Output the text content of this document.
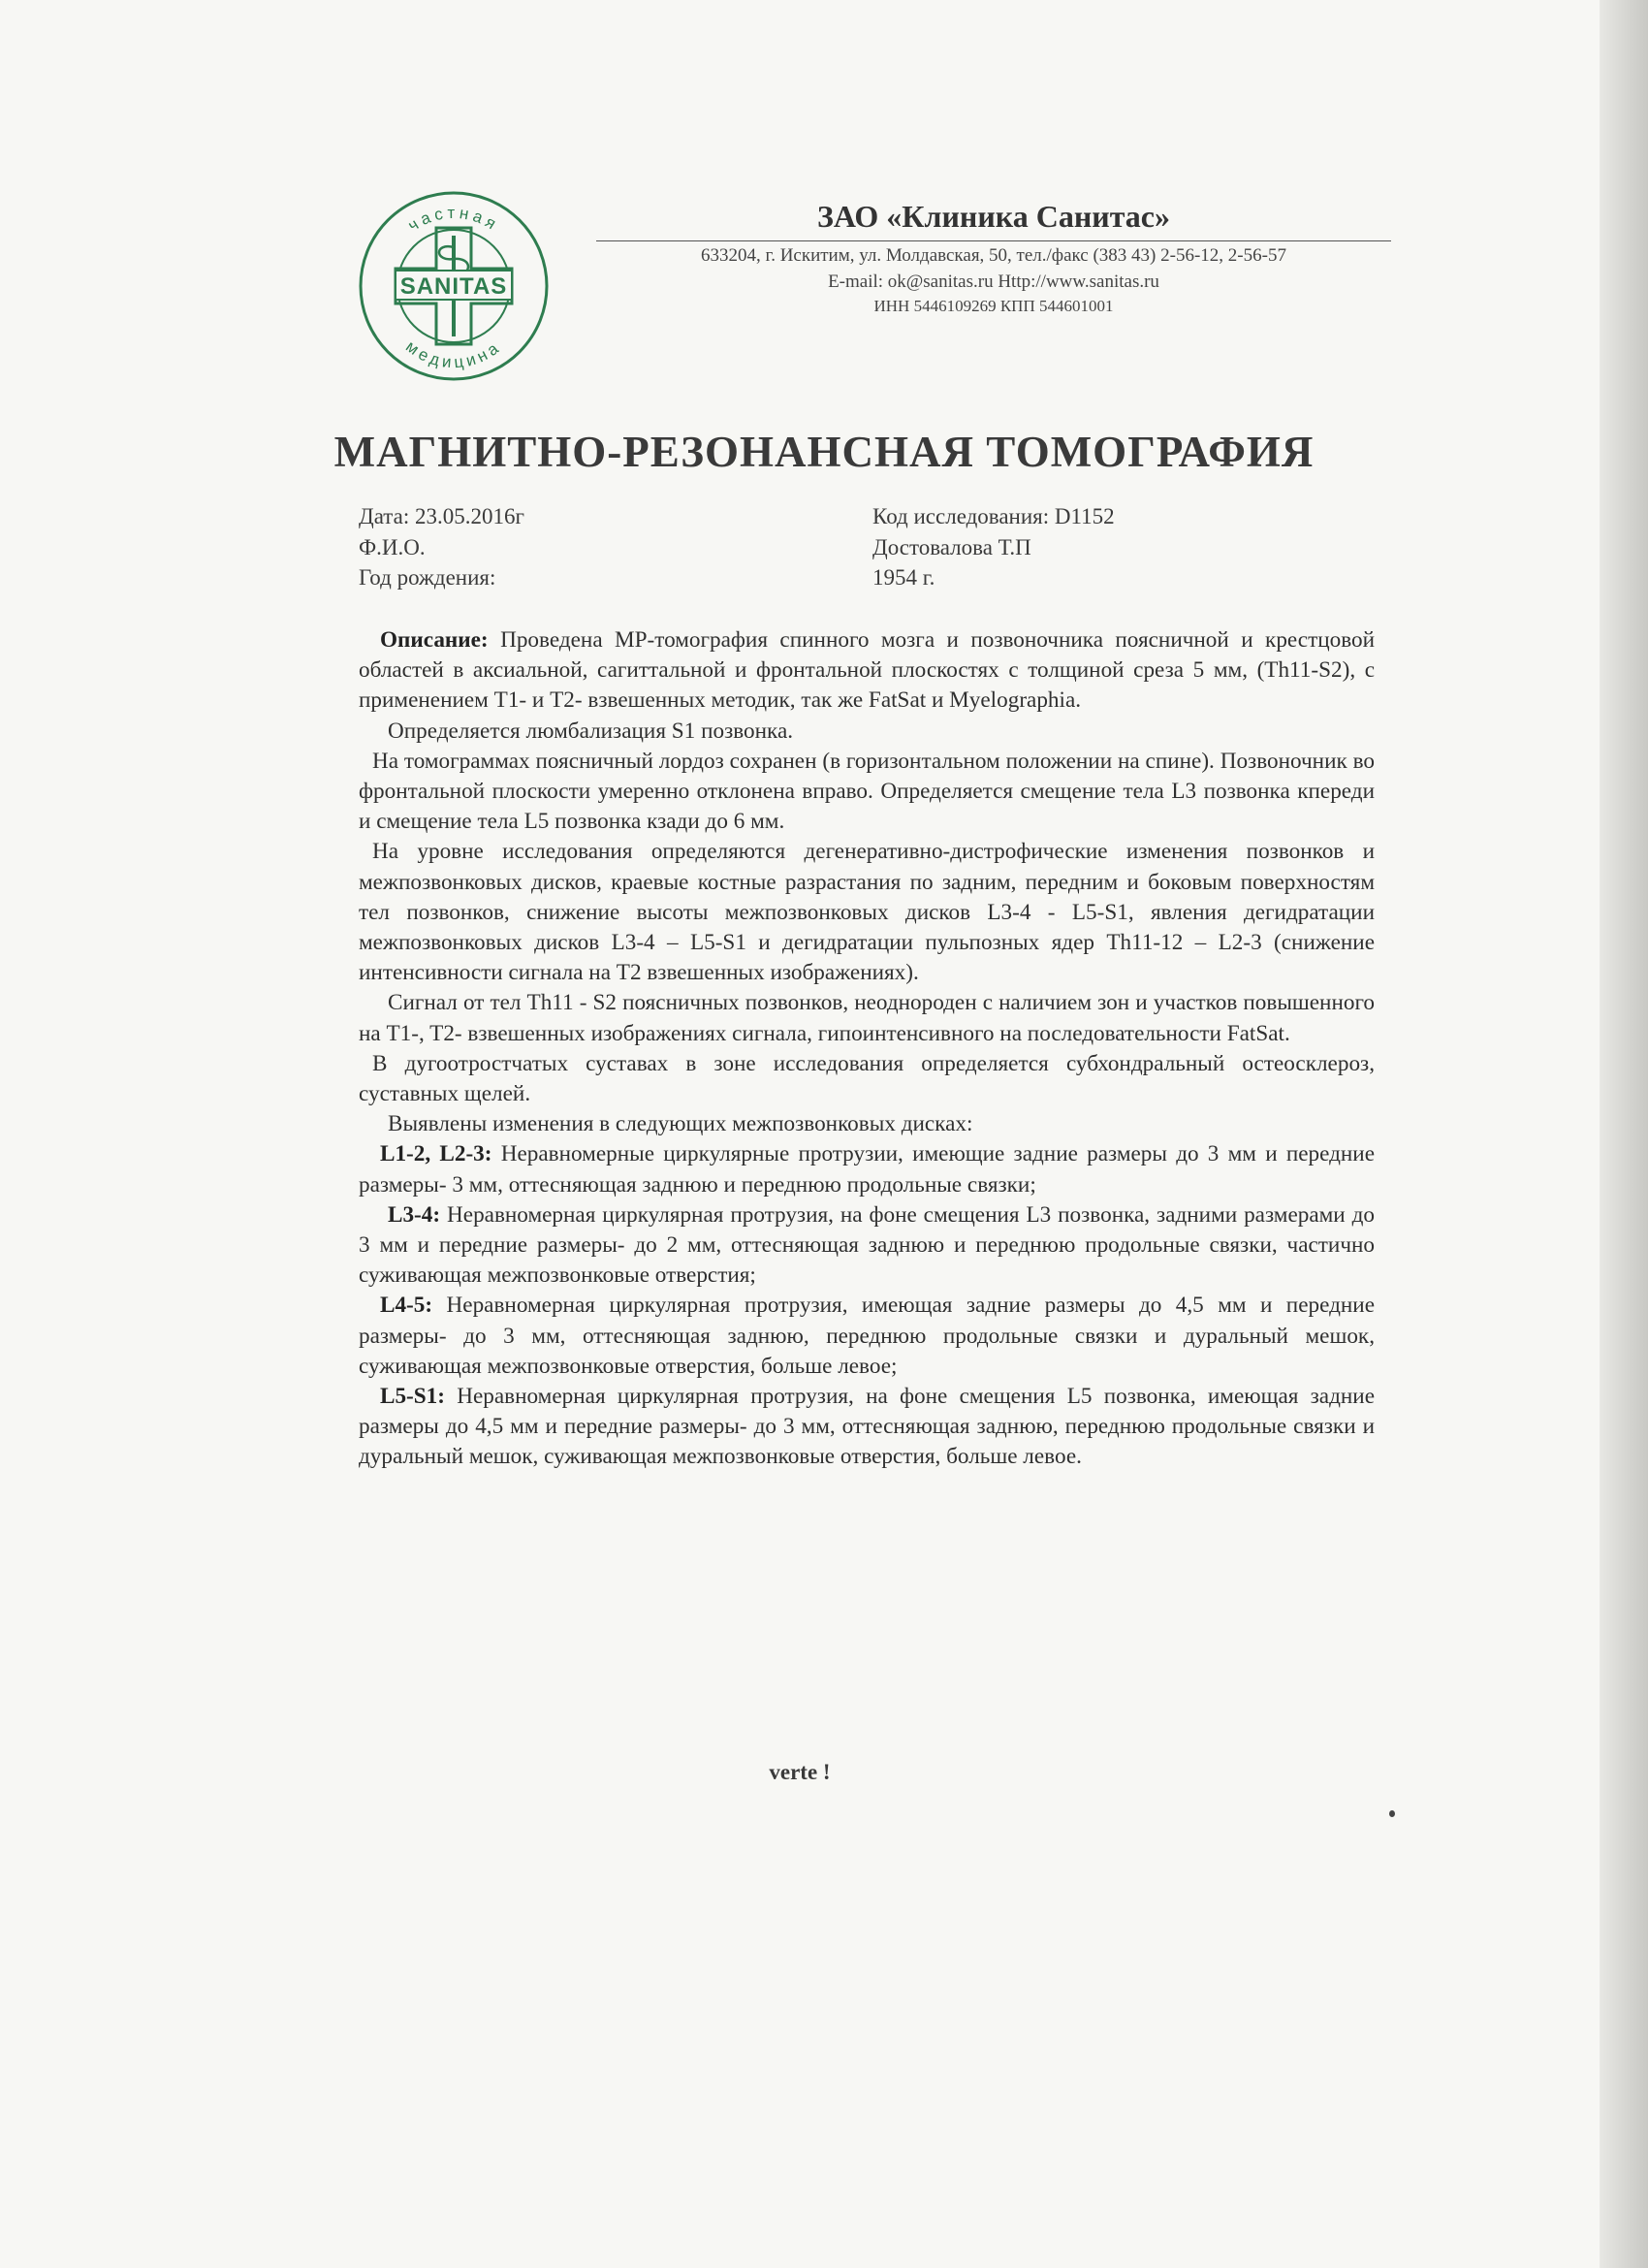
SANITAS
частная
медицина
ЗАО «Клиника Санитас»
633204, г. Искитим, ул. Молдавская, 50, тел./факс (383 43) 2-56-12, 2-56-57
E-mail: ok@sanitas.ru Http://www.sanitas.ru
ИНН 5446109269 КПП 544601001
МАГНИТНО-РЕЗОНАНСНАЯ ТОМОГРАФИЯ
Дата: 23.05.2016г
Ф.И.О.
Год рождения:
Код исследования: D1152
Достовалова Т.П
1954 г.

Описание: Проведена МР-томография спинного мозга и позвоночника поясничной и крестцовой областей в аксиальной, сагиттальной и фронтальной плоскостях с толщиной среза 5 мм, (Th11-S2), с применением T1- и T2- взвешенных методик, так же FatSat и Myelographia.

Определяется люмбализация S1 позвонка.

На томограммах поясничный лордоз сохранен (в горизонтальном положении на спине). Позвоночник во фронтальной плоскости умеренно отклонена вправо. Определяется смещение тела L3 позвонка кпереди и смещение тела L5 позвонка кзади до 6 мм.

На уровне исследования определяются дегенеративно-дистрофические изменения позвонков и межпозвонковых дисков, краевые костные разрастания по задним, передним и боковым поверхностям тел позвонков, снижение высоты межпозвонковых дисков L3-4 - L5-S1, явления дегидратации межпозвонковых дисков L3-4 – L5-S1 и дегидратации пульпозных ядер Th11-12 – L2-3 (снижение интенсивности сигнала на T2 взвешенных изображениях).

Сигнал от тел Th11 - S2 поясничных позвонков, неоднороден с наличием зон и участков повышенного на T1-, T2- взвешенных изображениях сигнала, гипоинтенсивного на последовательности FatSat.

В дугоотростчатых суставах в зоне исследования определяется субхондральный остеосклероз, суставных щелей.

Выявлены изменения в следующих межпозвонковых дисках:

L1-2, L2-3: Неравномерные циркулярные протрузии, имеющие задние размеры до 3 мм и передние размеры- 3 мм, оттесняющая заднюю и переднюю продольные связки;

L3-4: Неравномерная циркулярная протрузия, на фоне смещения L3 позвонка, задними размерами до 3 мм и передние размеры- до 2 мм, оттесняющая заднюю и переднюю продольные связки, частично суживающая межпозвонковые отверстия;

L4-5: Неравномерная циркулярная протрузия, имеющая задние размеры до 4,5 мм и передние размеры- до 3 мм, оттесняющая заднюю, переднюю продольные связки и дуральный мешок, суживающая межпозвонковые отверстия, больше левое;

L5-S1: Неравномерная циркулярная протрузия, на фоне смещения L5 позвонка, имеющая задние размеры до 4,5 мм и передние размеры- до 3 мм, оттесняющая заднюю, переднюю продольные связки и дуральный мешок, суживающая межпозвонковые отверстия, больше левое.

verte !
